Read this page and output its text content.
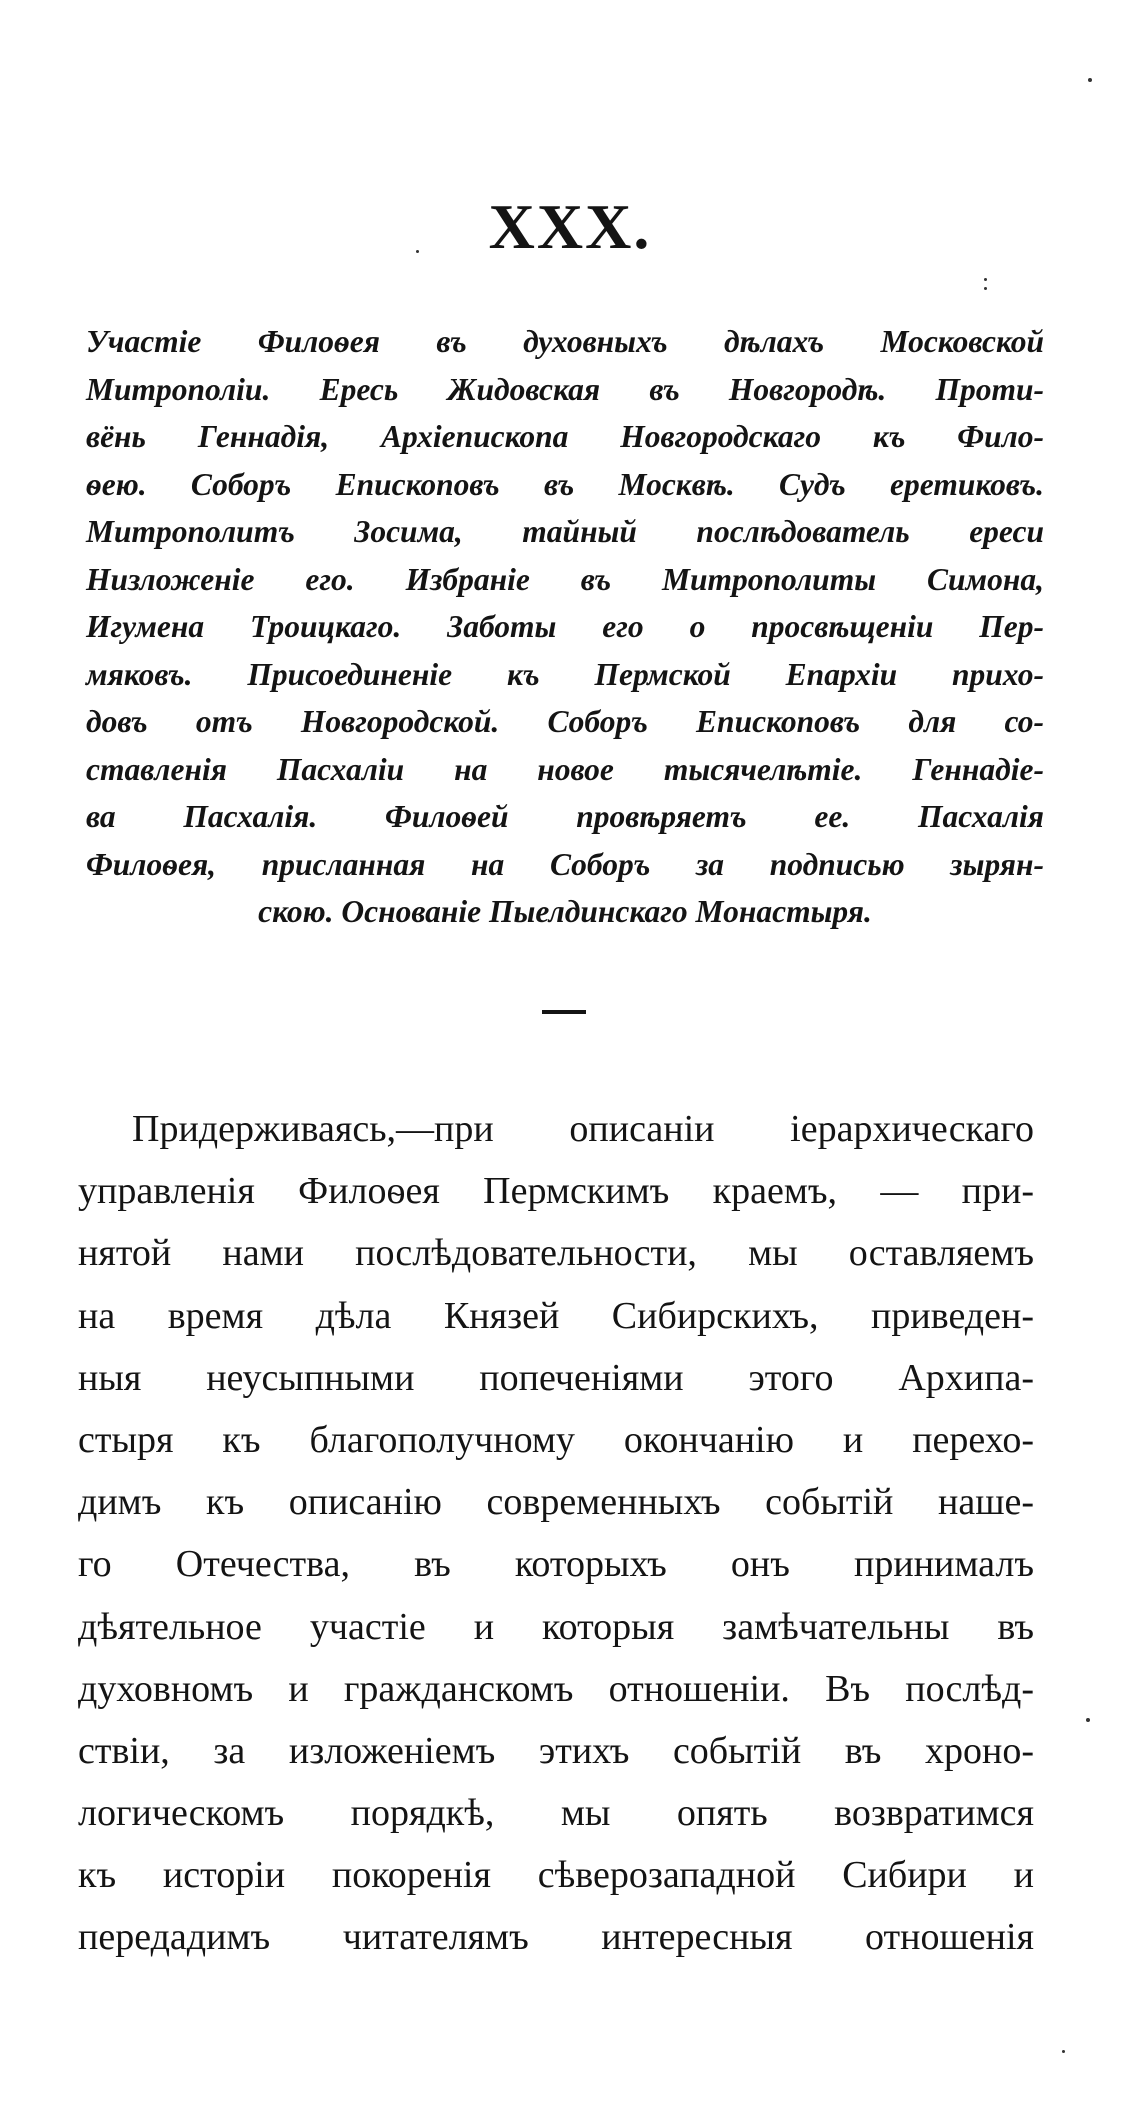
XXX.
Участіе Филоѳея въ духовныхъ дѣлахъ Московской
Митрополіи. Ересь Жидовская въ Новгородѣ. Проти-
вёнь Геннадія, Архіепископа Новгородскаго къ Фило-
ѳею. Соборъ Епископовъ въ Москвѣ. Судъ еретиковъ.
Митрополитъ Зосима, тайный послѣдователь ереси
Низложеніе его. Избраніе въ Митрополиты Симона,
Игумена Троицкаго. Заботы его о просвѣщеніи Пер-
мяковъ. Присоединеніе къ Пермской Епархіи прихо-
довъ отъ Новгородской. Соборъ Епископовъ для со-
ставленія Пасхаліи на новое тысячелѣтіе. Геннадіе-
ва Пасхалія. Филоѳей провѣряетъ ее. Пасхалія
Филоѳея, присланная на Соборъ за подписью зырян-
скою. Основаніе Пыелдинскаго Монастыря.
Придерживаясь,—при описаніи іерархическаго
управленія Филоѳея Пермскимъ краемъ, — при-
нятой нами послѣдовательности, мы оставляемъ
на время дѣла Князей Сибирскихъ, приведен-
ныя неусыпными попеченіями этого Архипа-
стыря къ благополучному окончанію и перехо-
димъ къ описанію современныхъ событій наше-
го Отечества, въ которыхъ онъ принималъ
дѣятельное участіе и которыя замѣчательны въ
духовномъ и гражданскомъ отношеніи. Въ послѣд-
ствіи, за изложеніемъ этихъ событій въ хроно-
логическомъ порядкѣ, мы опять возвратимся
къ исторіи покоренія сѣверозападной Сибири и
передадимъ читателямъ интересныя отношенія
